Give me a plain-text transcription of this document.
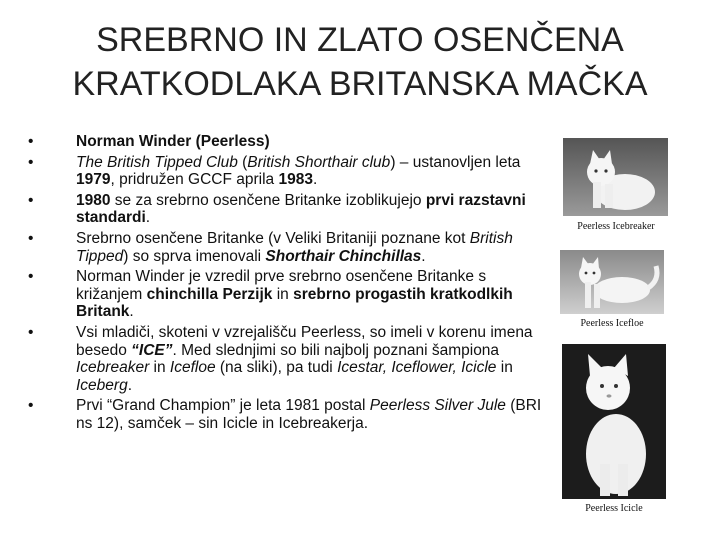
SREBRNO IN ZLATO OSENČENA
KRATKODLAKA BRITANSKA MAČKA
•	Norman Winder (Peerless)
•	The British Tipped Club (British Shorthair club) – ustanovljen leta 1979, pridružen GCCF aprila 1983.
•	1980 se za srebrno osenčene Britanke izoblikujejo prvi razstavni standardi.
•	Srebrno osenčene Britanke (v Veliki Britaniji poznane kot British Tipped) so sprva imenovali Shorthair Chinchillas.
•	Norman Winder je vzredil prve srebrno osenčene Britanke s križanjem chinchilla Perzijk in srebrno progastih kratkodlkih Britank.
•	Vsi mladiči, skoteni v vzrejališču Peerless, so imeli v korenu imena besedo “ICE”. Med slednjimi so bili najbolj poznani šampiona Icebreaker in Icefloe (na sliki), pa tudi Icestar, Iceflower, Icicle in Iceberg.
•	Prvi “Grand Champion” je leta 1981 postal Peerless Silver Jule (BRI ns 12), samček – sin Icicle in Icebreakerja.
Peerless Icebreaker
Peerless Icefloe
Peerless Icicle
